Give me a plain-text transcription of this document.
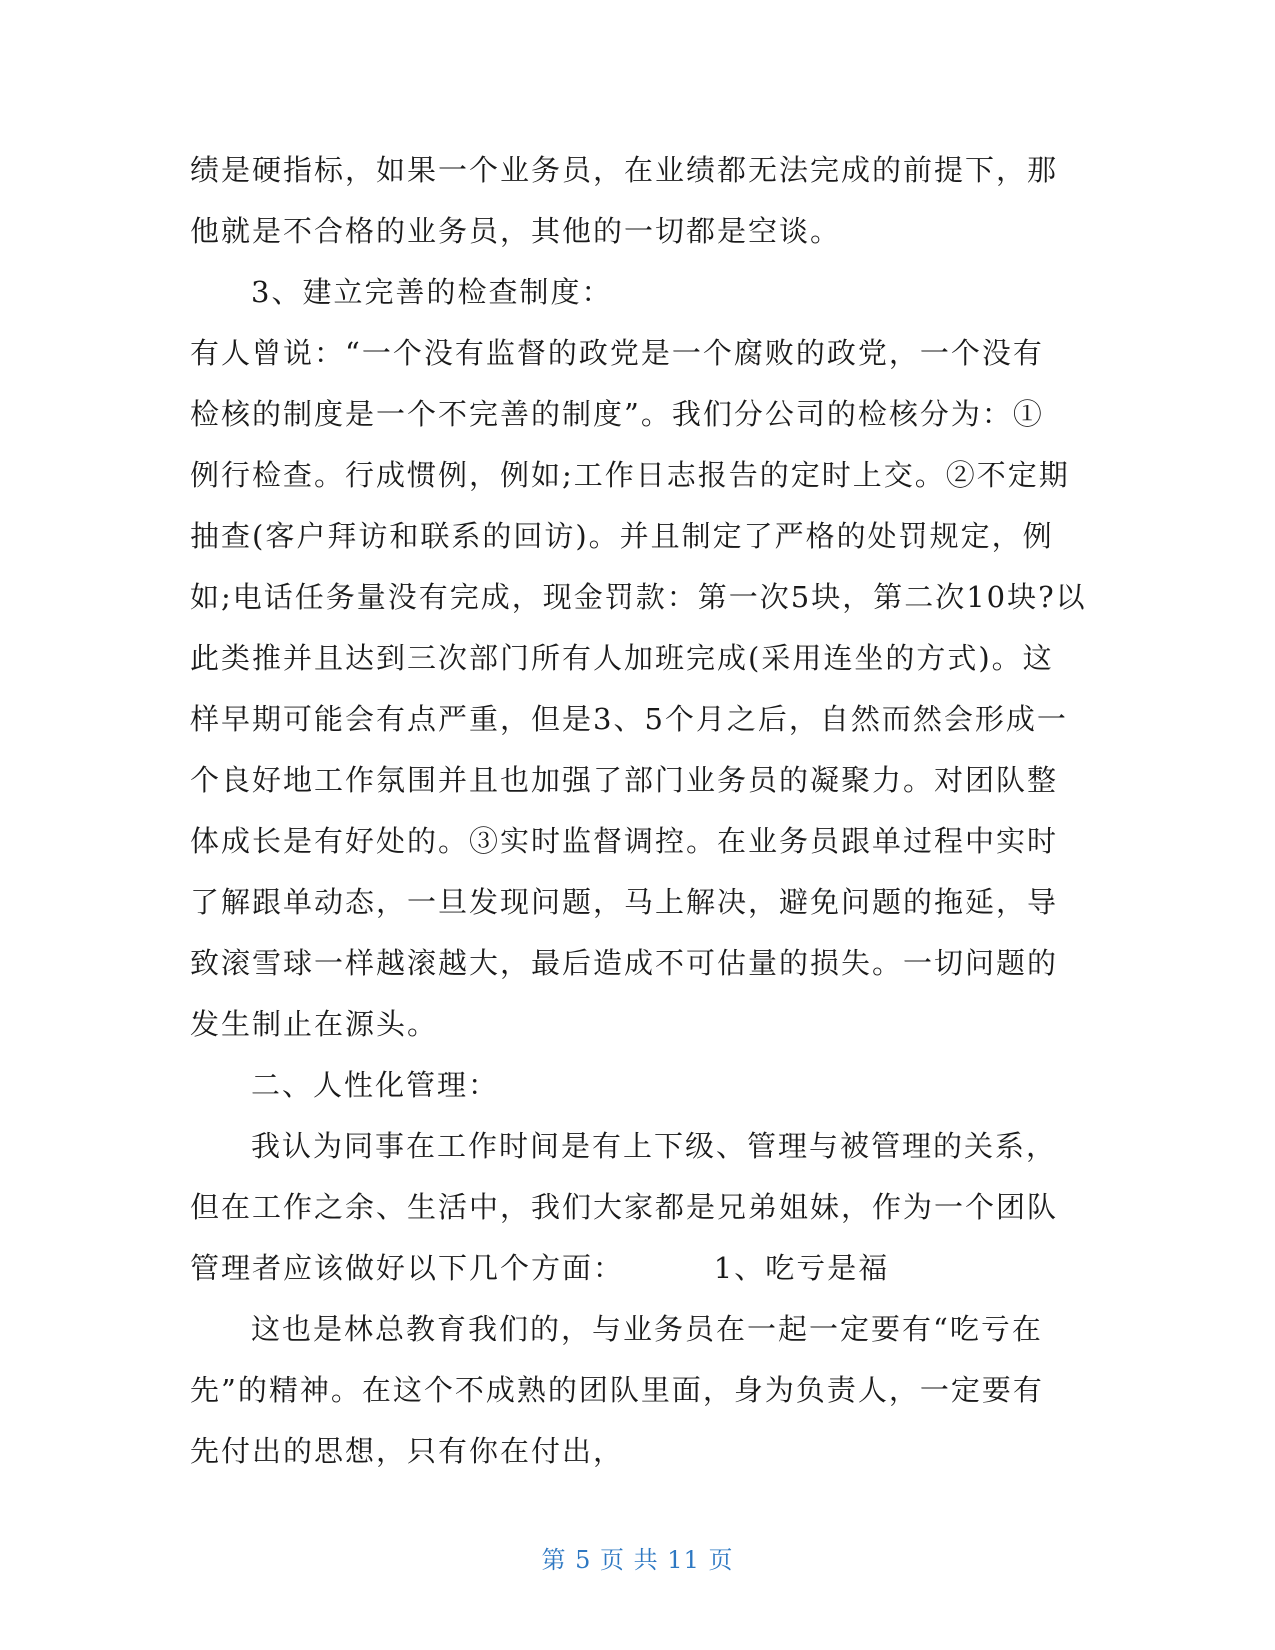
绩是硬指标，如果一个业务员，在业绩都无法完成的前提下，那
他就是不合格的业务员，其他的一切都是空谈。
3、建立完善的检查制度：
有人曾说：“一个没有监督的政党是一个腐败的政党，一个没有
检核的制度是一个不完善的制度”。我们分公司的检核分为：①
例行检查。行成惯例，例如;工作日志报告的定时上交。②不定期
抽查(客户拜访和联系的回访)。并且制定了严格的处罚规定，例
如;电话任务量没有完成，现金罚款：第一次5块，第二次10块?以
此类推并且达到三次部门所有人加班完成(采用连坐的方式)。这
样早期可能会有点严重，但是3、5个月之后，自然而然会形成一
个良好地工作氛围并且也加强了部门业务员的凝聚力。对团队整
体成长是有好处的。③实时监督调控。在业务员跟单过程中实时
了解跟单动态，一旦发现问题，马上解决，避免问题的拖延，导
致滚雪球一样越滚越大，最后造成不可估量的损失。一切问题的
发生制止在源头。
二、人性化管理：
我认为同事在工作时间是有上下级、管理与被管理的关系，
但在工作之余、生活中，我们大家都是兄弟姐妹，作为一个团队
管理者应该做好以下几个方面：        1、吃亏是福
这也是林总教育我们的，与业务员在一起一定要有“吃亏在
先”的精神。在这个不成熟的团队里面，身为负责人，一定要有
先付出的思想，只有你在付出，
第 5 页 共 11 页
